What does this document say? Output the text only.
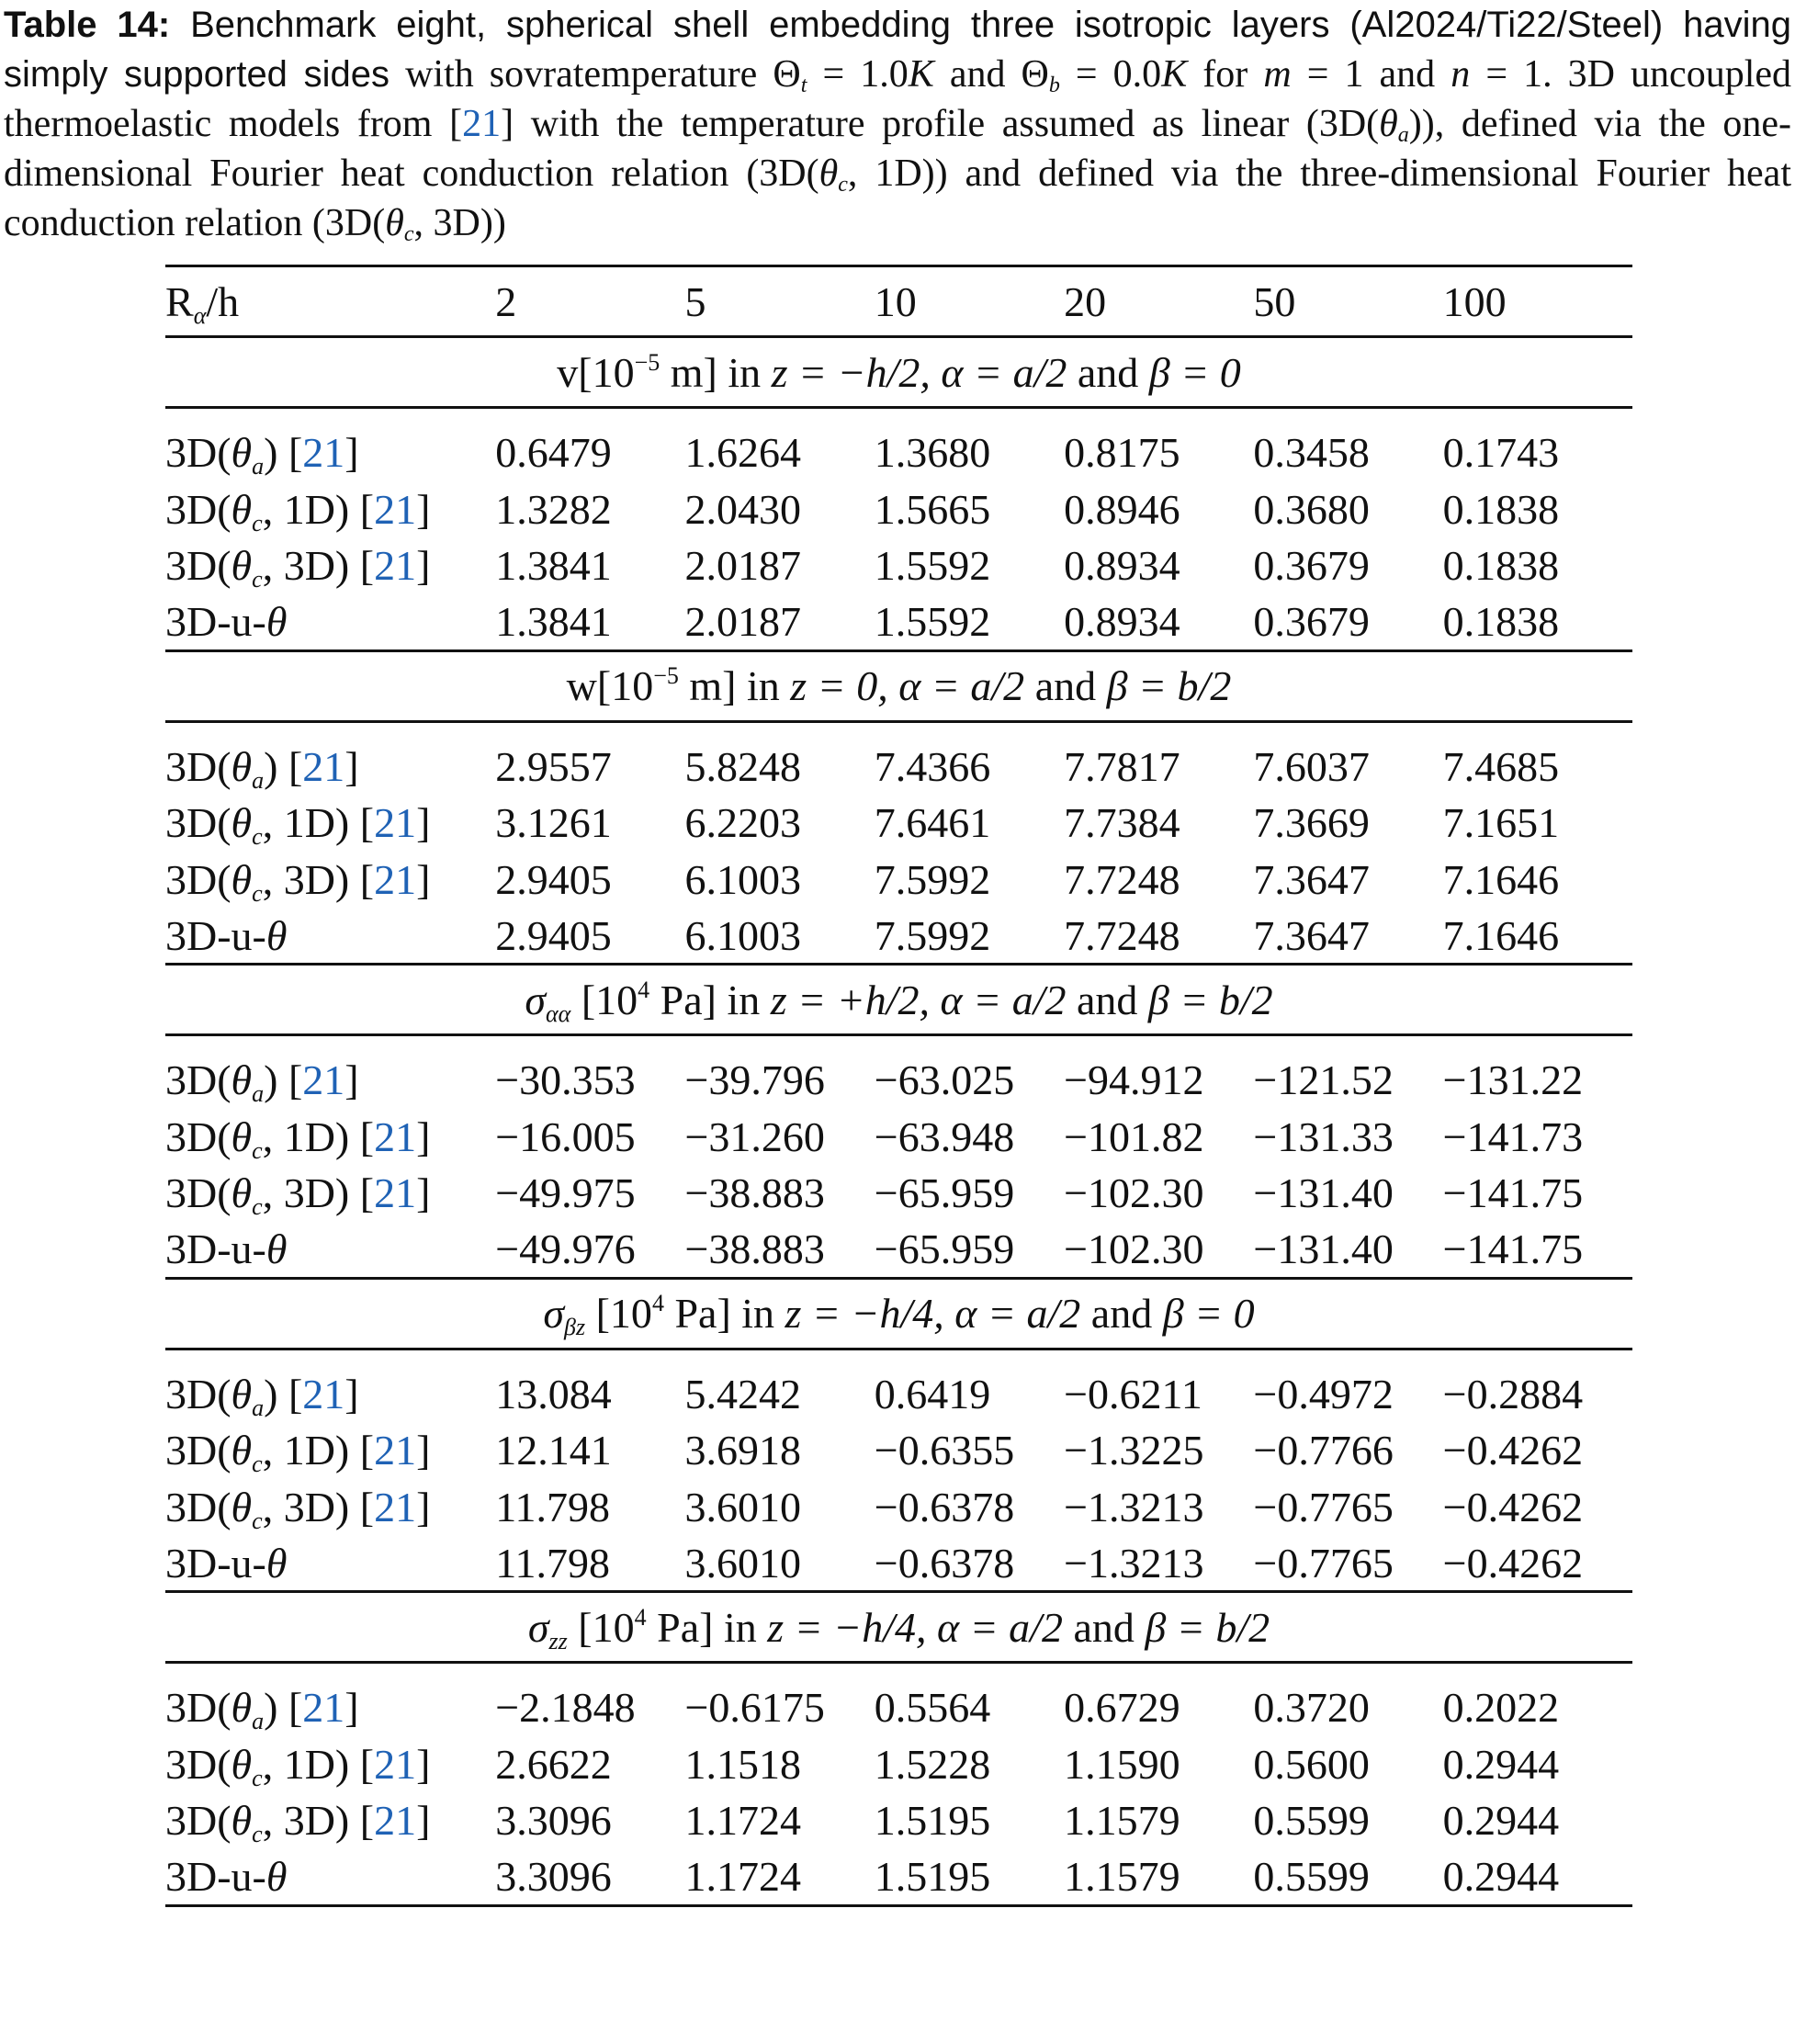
Table 14: Benchmark eight, spherical shell embedding three isotropic layers (Al2024/Ti22/Steel) having simply supported sides with sovratemperature $\Theta_t = 1.0K$ and $\Theta_b = 0.0K$ for m = 1 and n = 1. 3D uncoupled thermoelastic models from [21] with the temperature profile assumed as linear $(3D(\theta_a))$, defined via the one-dimensional Fourier heat conduction relation ($3D(\theta_c$, 1D)) and defined via the three-dimensional Fourier heat conduction relation ($3D(\theta_c$, 3D))

$R_\alpha/h$	2	5	10	20	50	100
$v[10^{-5}$ m] in z = −h/2, α = a/2 and β = 0						

$3D(\theta_a)$ [21]	0.6479	1.6264	1.3680	0.8175	0.3458	0.1743
$3D(\theta_c$, 1D) [21]	1.3282	2.0430	1.5665	0.8946	0.3680	0.1838
$3D(\theta_c$, 3D) [21]	1.3841	2.0187	1.5592	0.8934	0.3679	0.1838
3D-u-θ	1.3841	2.0187	1.5592	0.8934	0.3679	0.1838
$w[10^{-5}$ m] in z = 0, α = a/2 and β = b/2						

$3D(\theta_a)$ [21]	2.9557	5.8248	7.4366	7.7817	7.6037	7.4685
$3D(\theta_c$, 1D) [21]	3.1261	6.2203	7.6461	7.7384	7.3669	7.1651
$3D(\theta_c$, 3D) [21]	2.9405	6.1003	7.5992	7.7248	7.3647	7.1646
3D-u-θ	2.9405	6.1003	7.5992	7.7248	7.3647	7.1646
$\sigma_{\alpha\alpha}$ [$10^4$ Pa] in z = +h/2, α = a/2 and β = b/2						

$3D(\theta_a)$ [21]	−30.353	−39.796	−63.025	−94.912	−121.52	−131.22
$3D(\theta_c$, 1D) [21]	−16.005	−31.260	−63.948	−101.82	−131.33	−141.73
$3D(\theta_c$, 3D) [21]	−49.975	−38.883	−65.959	−102.30	−131.40	−141.75
3D-u-θ	−49.976	−38.883	−65.959	−102.30	−131.40	−141.75
$\sigma_{\beta z}$ [$10^4$ Pa] in z = −h/4, α = a/2 and β = 0						

$3D(\theta_a)$ [21]	13.084	5.4242	0.6419	−0.6211	−0.4972	−0.2884
$3D(\theta_c$, 1D) [21]	12.141	3.6918	−0.6355	−1.3225	−0.7766	−0.4262
$3D(\theta_c$, 3D) [21]	11.798	3.6010	−0.6378	−1.3213	−0.7765	−0.4262
3D-u-θ	11.798	3.6010	−0.6378	−1.3213	−0.7765	−0.4262
$\sigma_{zz}$ [$10^4$ Pa] in z = −h/4, α = a/2 and β = b/2						

$3D(\theta_a)$ [21]	−2.1848	−0.6175	0.5564	0.6729	0.3720	0.2022
$3D(\theta_c$, 1D) [21]	2.6622	1.1518	1.5228	1.1590	0.5600	0.2944
$3D(\theta_c$, 3D) [21]	3.3096	1.1724	1.5195	1.1579	0.5599	0.2944
3D-u-θ	3.3096	1.1724	1.5195	1.1579	0.5599	0.2944
